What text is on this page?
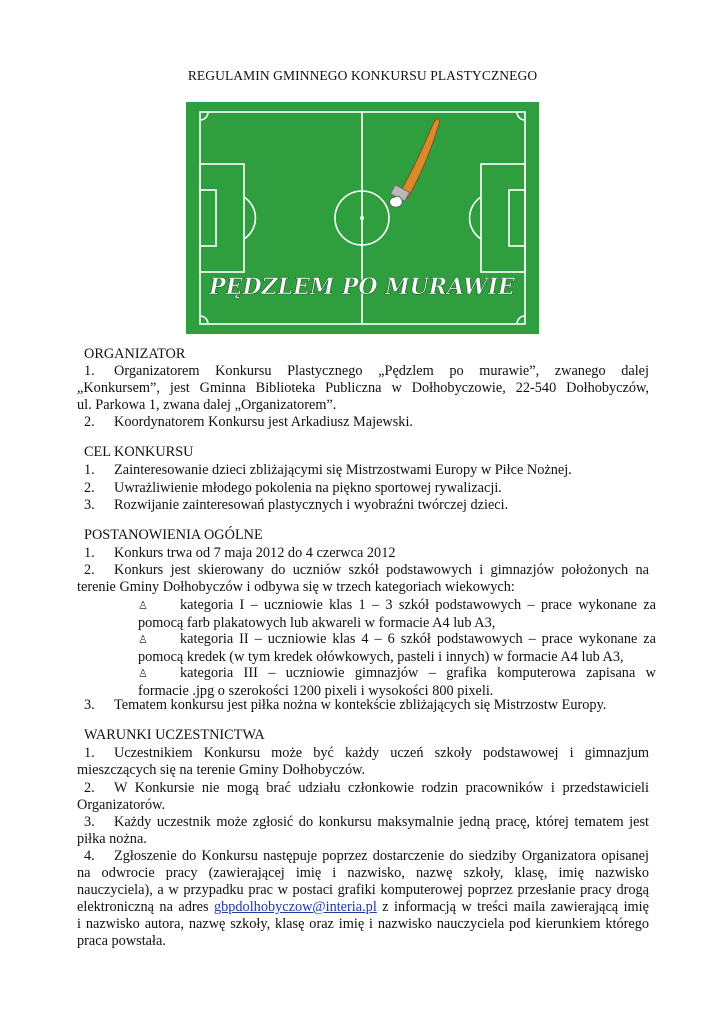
REGULAMIN GMINNEGO KONKURSU PLASTYCZNEGO
PĘDZLEM PO MURAWIE
ORGANIZATOR
1. Organizatorem Konkursu Plastycznego „Pędzlem po murawie”, zwanego dalej
„Konkursem”, jest Gminna Biblioteka Publiczna w Dołhobyczowie, 22-540 Dołhobyczów,
ul. Parkowa 1, zwana dalej „Organizatorem”.
2. Koordynatorem Konkursu jest Arkadiusz Majewski.
CEL KONKURSU
1. Zainteresowanie dzieci zbliżającymi się Mistrzostwami Europy w Piłce Nożnej.
2. Uwrażliwienie młodego pokolenia na piękno sportowej rywalizacji.
3. Rozwijanie zainteresowań plastycznych i wyobraźni twórczej dzieci.
POSTANOWIENIA OGÓLNE
1. Konkurs trwa od 7 maja 2012 do 4 czerwca 2012
2. Konkurs jest skierowany do uczniów szkół podstawowych i gimnazjów położonych na
terenie Gminy Dołhobyczów i odbywa się w trzech kategoriach wiekowych:
♙ kategoria I – uczniowie klas 1 – 3 szkół podstawowych – prace wykonane za
pomocą farb plakatowych lub akwareli w formacie A4 lub A3,
♙ kategoria II – uczniowie klas 4 – 6 szkół podstawowych – prace wykonane za
pomocą kredek (w tym kredek ołówkowych, pasteli i innych) w formacie A4 lub A3,
♙ kategoria III – uczniowie gimnazjów – grafika komputerowa zapisana w
formacie .jpg o szerokości 1200 pixeli i wysokości 800 pixeli.
3. Tematem konkursu jest piłka nożna w kontekście zbliżających się Mistrzostw Europy.
WARUNKI UCZESTNICTWA
1. Uczestnikiem Konkursu może być każdy uczeń szkoły podstawowej i gimnazjum
mieszczących się na terenie Gminy Dołhobyczów.
2. W Konkursie nie mogą brać udziału członkowie rodzin pracowników i przedstawicieli
Organizatorów.
3. Każdy uczestnik może zgłosić do konkursu maksymalnie jedną pracę, której tematem jest
piłka nożna.
4. Zgłoszenie do Konkursu następuje poprzez dostarczenie do siedziby Organizatora opisanej
na odwrocie pracy (zawierającej imię i nazwisko, nazwę szkoły, klasę, imię nazwisko
nauczyciela), a w przypadku prac w postaci grafiki komputerowej poprzez przesłanie pracy drogą
elektroniczną na adres gbpdolhobyczow@interia.pl z informacją w treści maila zawierającą imię
i nazwisko autora, nazwę szkoły, klasę oraz imię i nazwisko nauczyciela pod kierunkiem którego
praca powstała.
